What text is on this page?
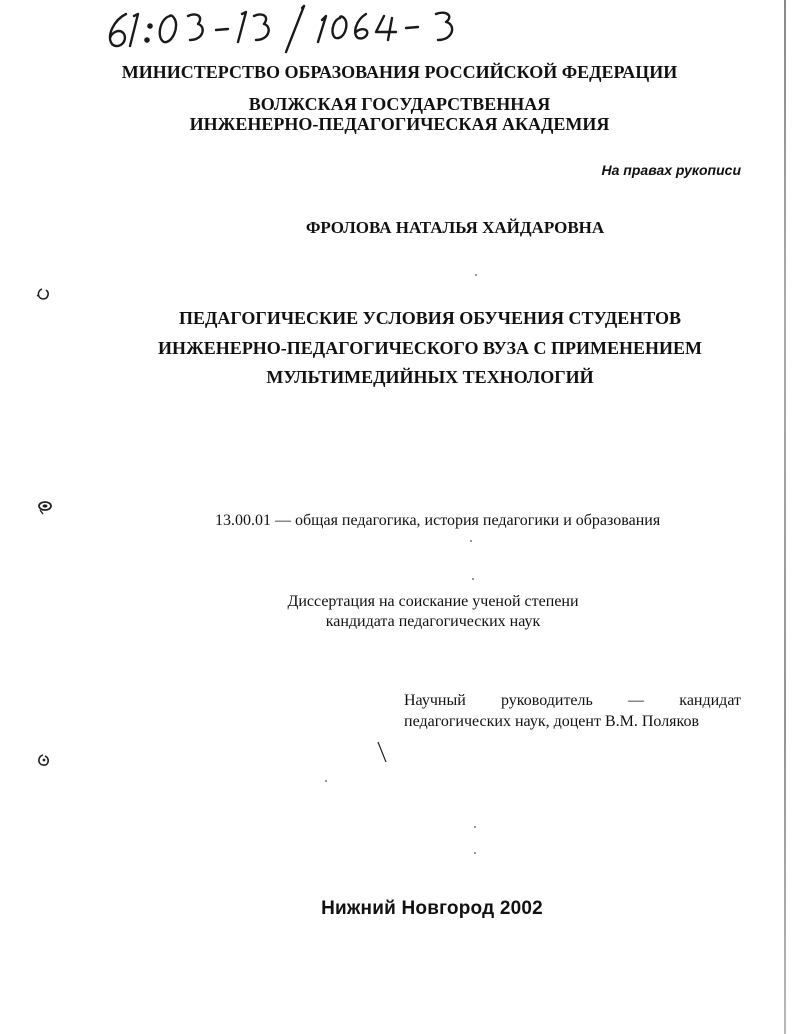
МИНИСТЕРСТВО ОБРАЗОВАНИЯ РОССИЙСКОЙ ФЕДЕРАЦИИ
ВОЛЖСКАЯ ГОСУДАРСТВЕННАЯ
ИНЖЕНЕРНО-ПЕДАГОГИЧЕСКАЯ АКАДЕМИЯ
На правах рукописи
ФРОЛОВА НАТАЛЬЯ ХАЙДАРОВНА
ПЕДАГОГИЧЕСКИЕ УСЛОВИЯ ОБУЧЕНИЯ СТУДЕНТОВ
ИНЖЕНЕРНО-ПЕДАГОГИЧЕСКОГО ВУЗА С ПРИМЕНЕНИЕМ
МУЛЬТИМЕДИЙНЫХ ТЕХНОЛОГИЙ
13.00.01 — общая педагогика, история педагогики и образования
Диссертация на соискание ученой степени
кандидата педагогических наук
Научный руководитель — кандидат
педагогических наук, доцент В.М. Поляков
Нижний Новгород 2002
